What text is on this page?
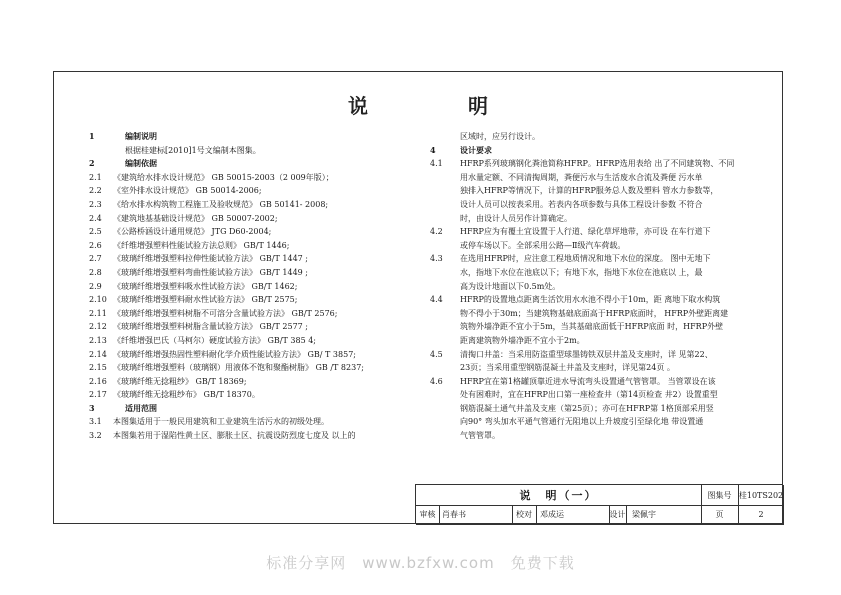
说　明
1	编制说明
根据桂建标[2010]1号文编制本图集。
2	编制依据
2.1	《建筑给水排水设计规范》 GB 50015-2003（2 009年版）；
2.2	《室外排水设计规范》 GB 50014-2006;
2.3	《给水排水构筑物工程施工及验收规范》 GB 50141- 2008;
2.4	《建筑地基基础设计规范》 GB 50007-2002;
2.5	《公路桥涵设计通用规范》 JTG D60-2004;
2.6	《纤维增强塑料性能试验方法总则》 GB/T 1446;
2.7	《玻璃纤维增强塑料拉伸性能试验方法》 GB/T 1447 ;
2.8	《玻璃纤维增强塑料弯曲性能试验方法》 GB/T 1449 ;
2.9	《玻璃纤维增强塑料吸水性试验方法》 GB/T 1462;
2.10 《玻璃纤维增强塑料耐水性试验方法》 GB/T 2575;
2.11 《玻璃纤维增强塑料树脂不可溶分含量试验方法》 GB/T 2576;
2.12 《玻璃纤维增强塑料树脂含量试验方法》 GB/T 2577 ;
2.13 《纤维增强巴氏（马柯尔）硬度试验方法》 GB/T 385 4;
2.14 《玻璃纤维增强热固性塑料耐化学介质性能试验方法》 GB/ T 3857;
2.15 《玻璃纤维增强塑料（玻璃钢）用液体不饱和聚酯树脂》 GB /T 8237;
2.16 《玻璃纤维无捻粗纱》 GB/T 18369;
2.17 《玻璃纤维无捻粗纱布》 GB/T 18370。
3	适用范围
3.1	本图集适用于一般民用建筑和工业建筑生活污水的初级处理。
3.2	本图集若用于湿陷性黄土区、膨胀土区、抗震设防烈度七度及 以上的
区域时，应另行设计。
4	设计要求
4.1	HFRP系列玻璃钢化粪池简称HFRP。HFRP选用表给 出了不同建筑物、不同
用水量定额、不同清掏周期，粪便污水与生活废水合流及粪便 污水单
独排入HFRP等情况下，计算的HFRP服务总人数及塑料 管水力参数等，
设计人员可以按表采用。若表内各项参数与具体工程设计参数 不符合
时，由设计人员另作计算确定。
4.2	HFRP应为有覆土宜设置于人行道、绿化草坪地带，亦可设 在车行道下
或停车场以下。全部采用公路—Ⅱ级汽车荷载。
4.3	在选用HFRP时，应注意工程地质情况和地下水位的深度。 图中无地下
水，指地下水位在池底以下；有地下水，指地下水位在池底以 上，最
高为设计地面以下0.5m处。
4.4	HFRP的设置地点距离生活饮用水水池不得小于10m，距 离地下取水构筑
物不得小于30m；当建筑物基础底面高于HFRP底面时， HFRP外壁距离建
筑物外墙净距不宜小于5m，当其基础底面低于HFRP底面 时，HFRP外壁
距离建筑物外墙净距不宜小于2m。
4.5	清掏口井盖：当采用防盗重型球墨铸铁双层井盖及支座时，详 见第22、
23页；当采用重型钢筋混凝土井盖及支座时，详见第24页 。
4.6	HFRP宜在第1格罐顶靠近进水导流弯头设置通气管管罩。 当管罩设在该
处有困难时，宜在HFRP出口第一座检查井（第14页检查 井2）设置重型
钢筋混凝土通气井盖及支座（第25页）；亦可在HFRP第 1格顶部采用竖
向90° 弯头加水平通气管通行无阻地以上升坡度引至绿化地 带设置通
气管管罩。
说　明（一）	图集号 桂10TS202
审核 肖春书	校对	邓成运	设计 梁佩宇	页	2
标准分享网　www.bzfxw.com　免费下载
